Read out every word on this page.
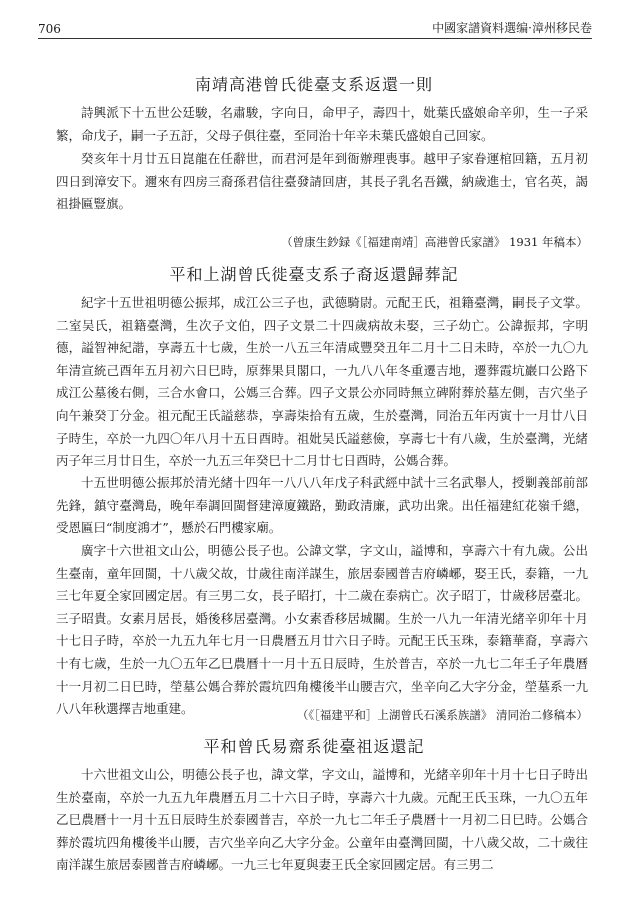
706	中國家譜資料選编·漳州移民卷
南靖高港曾氏徙臺支系返還一則
詩興派下十五世公廷駿，名肅駿，字向日，命甲子，壽四十，妣葉氏盛娘命辛卯，生一子采繁，命戊子，嗣一子五訏，父母子俱往臺，至同治十年辛未葉氏盛娘自己回家。
癸亥年十月廿五日崑龍在任辭世，而君河是年到衙辦理喪事。越甲子家眷運棺回籍，五月初四日到漳安下。邇來有四房三裔孫君信往臺發請回唐，其長子乳名吾鐵，納歲進士，官名英，謁祖掛匾豎旗。
（曾康生鈔録《［福建南靖］高港曾氏家譜》 1931 年稿本）
平和上湖曾氏徙臺支系子裔返還歸葬記
紀字十五世祖明德公振邦，成江公三子也，武德騎尉。元配王氏，祖籍臺灣，嗣長子文掌。二室吴氏，祖籍臺灣，生次子文伯，四子文景二十四歲病故未娶，三子幼亡。公諱振邦，字明德，謚智神紀諧，享壽五十七歲，生於一八五三年清咸豐癸丑年二月十二日未時，卒於一九〇九年清宣統己酉年五月初六日巳時，原葬果貝閣口，一九八八年冬重遷吉地，遷葬霞坑巖口公路下成江公墓後右側，三合水會口，公媽三合葬。四子文景公亦同時無立碑附葬於墓左側，吉穴坐子向午兼癸丁分金。祖元配王氏謚慈恭，享壽柒拾有五歲，生於臺灣，同治五年丙寅十一月廿八日子時生，卒於一九四〇年八月十五日酉時。祖妣吴氏謚慈儉，享壽七十有八歲，生於臺灣，光緒丙子年三月廿日生，卒於一九五三年癸巳十二月廿七日酉時，公媽合葬。
十五世明德公振邦於清光緒十四年一八八八年戊子科武經中試十三名武舉人，授剿義部前部先鋒，鎮守臺灣島，晚年奉調回閩督建漳廈鐵路，勤政清廉，武功出衆。出任福建紅花嶺千總，受恩匾曰“制度鴻才”，懸於石門樓家廟。
廣字十六世祖文山公，明德公長子也。公諱文掌，字文山，謚博和，享壽六十有九歲。公出生臺南，童年回閩，十八歲父故，廿歲往南洋謀生，旅居泰國普吉府嶙峫，娶王氏，泰籍，一九三七年夏全家回國定居。有三男二女，長子昭打，十二歲在泰病亡。次子昭丁，廿歲移居臺北。三子昭貴。女素月居長，婚後移居臺灣。小女素香移居城關。生於一八九一年清光緒辛卯年十月十七日子時，卒於一九五九年七月一日農曆五月廿六日子時。元配王氏玉珠，泰籍華裔，享壽六十有七歲，生於一九〇五年乙巳農曆十一月十五日辰時，生於普吉，卒於一九七二年壬子年農曆十一月初二日巳時，塋墓公媽合葬於霞坑四角樓後半山腰吉穴，坐辛向乙大字分金，塋墓系一九八八年秋選擇吉地重建。	（《［福建平和］上湖曾氏石溪系族譜》 清同治二修稿本）
平和曾氏易齋系徙臺祖返還記
十六世祖文山公，明德公長子也，諱文掌，字文山，謚博和，光緒辛卯年十月十七日子時出生於臺南，卒於一九五九年農曆五月二十六日子時，享壽六十九歲。元配王氏玉珠，一九〇五年乙巳農曆十一月十五日辰時生於泰國普吉，卒於一九七二年壬子農曆十一月初二日巳時。公媽合葬於霞坑四角樓後半山腰，吉穴坐辛向乙大字分金。公童年由臺灣回閩，十八歲父故，二十歲往南洋謀生旅居泰國普吉府嶙峫。一九三七年夏與妻王氏全家回國定居。有三男二
